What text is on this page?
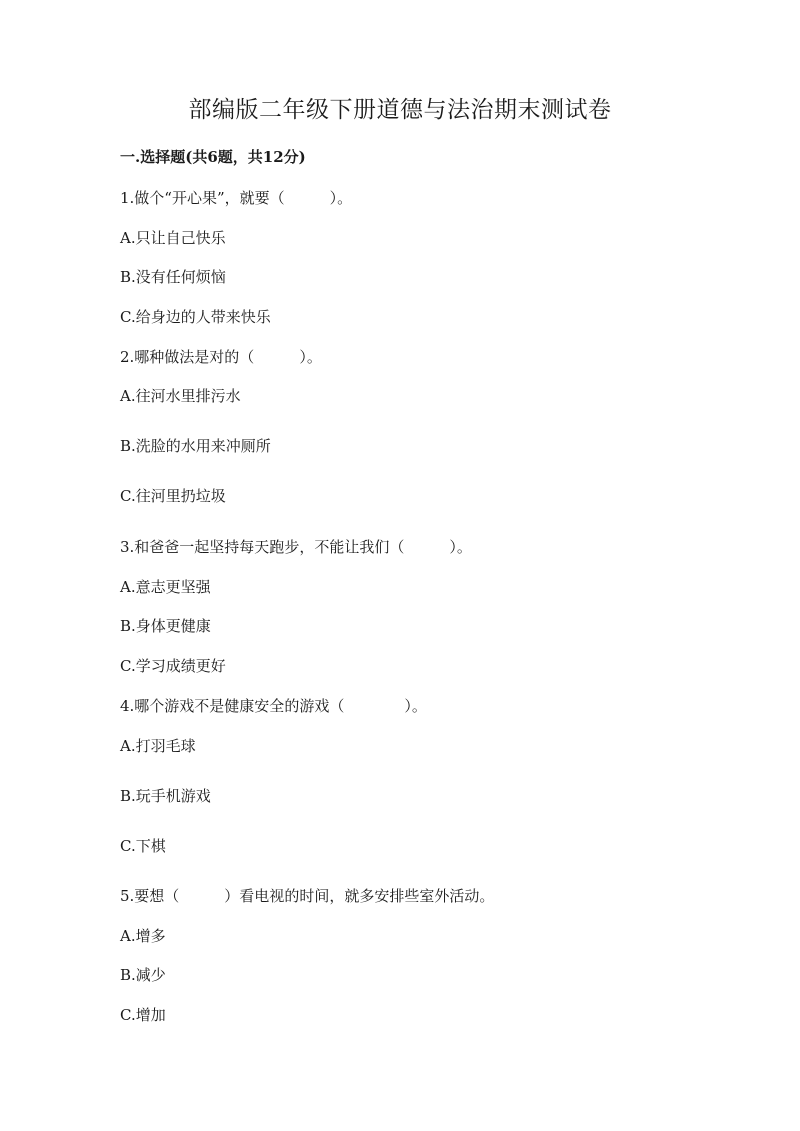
部编版二年级下册道德与法治期末测试卷
一.选择题(共6题，共12分)
1.做个“开心果”，就要（　　　）。
A.只让自己快乐
B.没有任何烦恼
C.给身边的人带来快乐
2.哪种做法是对的（　　　）。
A.往河水里排污水
B.洗脸的水用来冲厕所
C.往河里扔垃圾
3.和爸爸一起坚持每天跑步，不能让我们（　　　）。
A.意志更坚强
B.身体更健康
C.学习成绩更好
4.哪个游戏不是健康安全的游戏（　　　　）。
A.打羽毛球
B.玩手机游戏
C.下棋
5.要想（　　　）看电视的时间，就多安排些室外活动。
A.增多
B.减少
C.增加
